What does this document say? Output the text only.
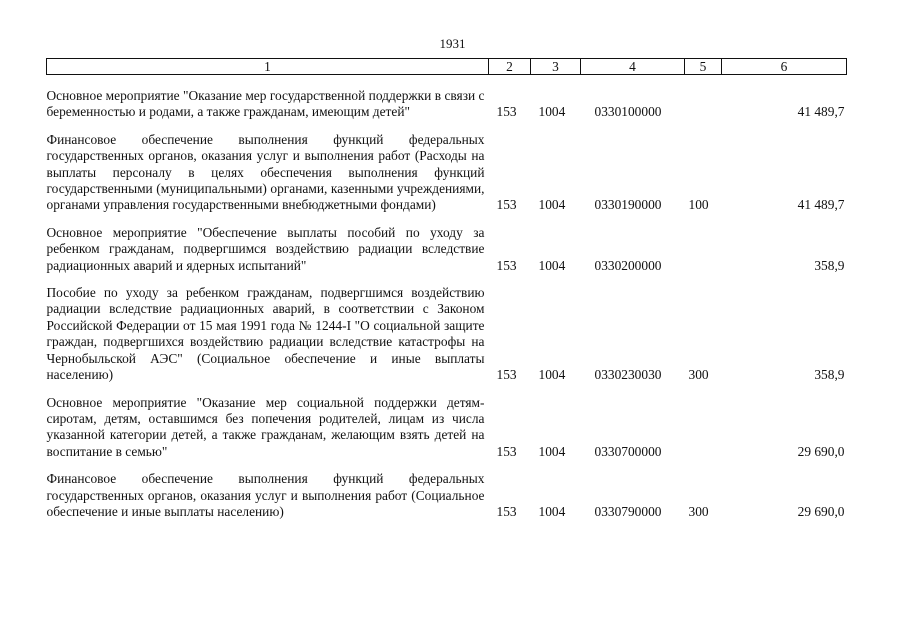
1931
1	2	3	4	5	6
Основное мероприятие "Оказание мер государственной поддержки в связи с беременностью и родами, а также гражданам, имеющим детей"	153	1004	0330100000		41 489,7
Финансовое обеспечение выполнения функций федеральных государственных органов, оказания услуг и выполнения работ (Расходы на выплаты персоналу в целях обеспечения выполнения функций государственными (муниципальными) органами, казенными учреждениями, органами управления государственными внебюджетными фондами)	153	1004	0330190000	100	41 489,7
Основное мероприятие "Обеспечение выплаты пособий по уходу за ребенком гражданам, подвергшимся воздействию радиации вследствие радиационных аварий и ядерных испытаний"	153	1004	0330200000		358,9
Пособие по уходу за ребенком гражданам, подвергшимся воздействию радиации вследствие радиационных аварий, в соответствии с Законом Российской Федерации от 15 мая 1991 года № 1244-I "О социальной защите граждан, подвергшихся воздействию радиации вследствие катастрофы на Чернобыльской АЭС" (Социальное обеспечение и иные выплаты населению)	153	1004	0330230030	300	358,9
Основное мероприятие "Оказание мер социальной поддержки детям-сиротам, детям, оставшимся без попечения родителей, лицам из числа указанной категории детей, а также гражданам, желающим взять детей на воспитание в семью"	153	1004	0330700000		29 690,0
Финансовое обеспечение выполнения функций федеральных государственных органов, оказания услуг и выполнения работ (Социальное обеспечение и иные выплаты населению)	153	1004	0330790000	300	29 690,0
